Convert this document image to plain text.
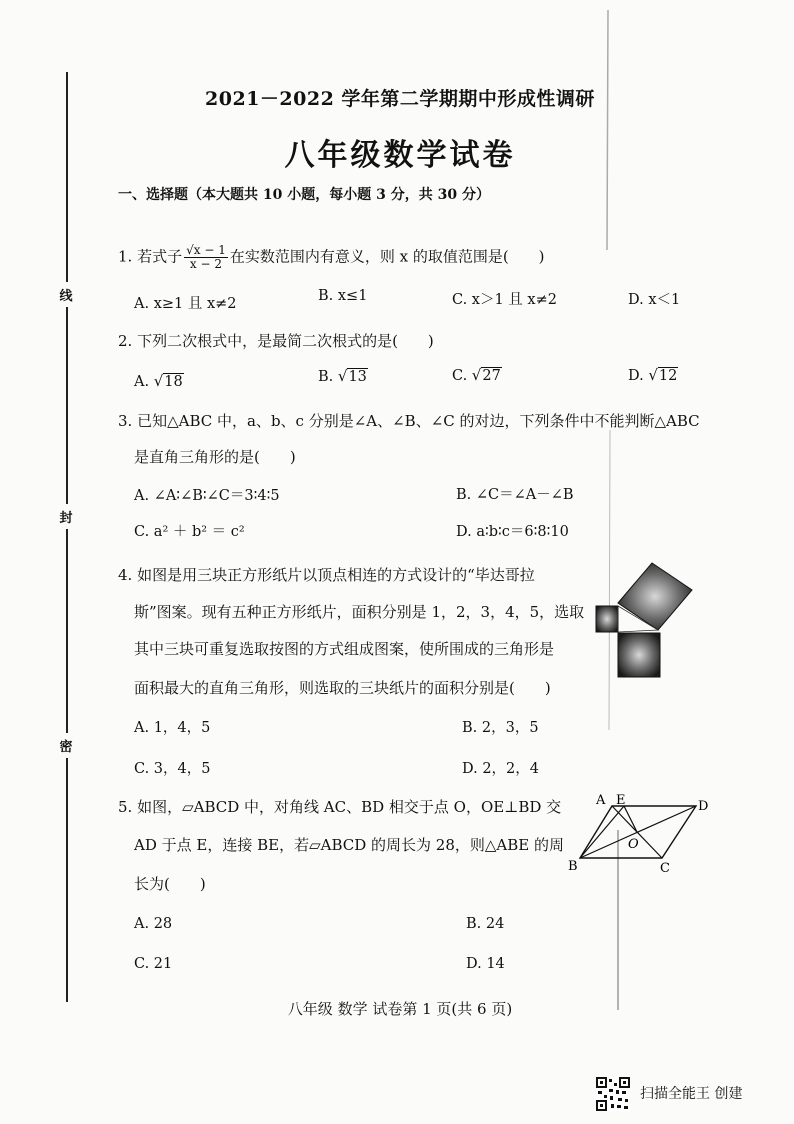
线
封
密
2021－2022 学年第二学期期中形成性调研
八年级数学试卷
一、选择题（本大题共 10 小题，每小题 3 分，共 30 分）
1. 若式子 $\frac{√x - 1}{x - 2}$ 在实数范围内有意义，则 x 的取值范围是(　　)
A. x≥1 且 x≠2	B. x≤1	C. x＞1 且 x≠2	D. x＜1
2. 下列二次根式中，是最简二次根式的是(　　)
A. √18	B. √13	C. √27	D. √12
3. 已知△ABC 中，a、b、c 分别是∠A、∠B、∠C 的对边，下列条件中不能判断△ABC
是直角三角形的是(　　)
A. ∠A∶∠B∶∠C＝3∶4∶5	B. ∠C＝∠A－∠B
C. a² ＋ b² ＝ c²	D. a∶b∶c＝6∶8∶10
4. 如图是用三块正方形纸片以顶点相连的方式设计的“毕达哥拉
斯”图案。现有五种正方形纸片，面积分别是 1，2，3，4，5，选取
其中三块可重复选取按图的方式组成图案，使所围成的三角形是
面积最大的直角三角形，则选取的三块纸片的面积分别是(　　)
A. 1，4，5	B. 2，3，5
C. 3，4，5	D. 2，2，4
5. 如图，▱ABCD 中，对角线 AC、BD 相交于点 O，OE⊥BD 交
AD 于点 E，连接 BE，若▱ABCD 的周长为 28，则△ABE 的周
长为(　　)
A. 28	B. 24
C. 21	D. 14
A E	D
O
B	C
八年级 数学 试卷第 1 页(共 6 页)
扫描全能王 创建
